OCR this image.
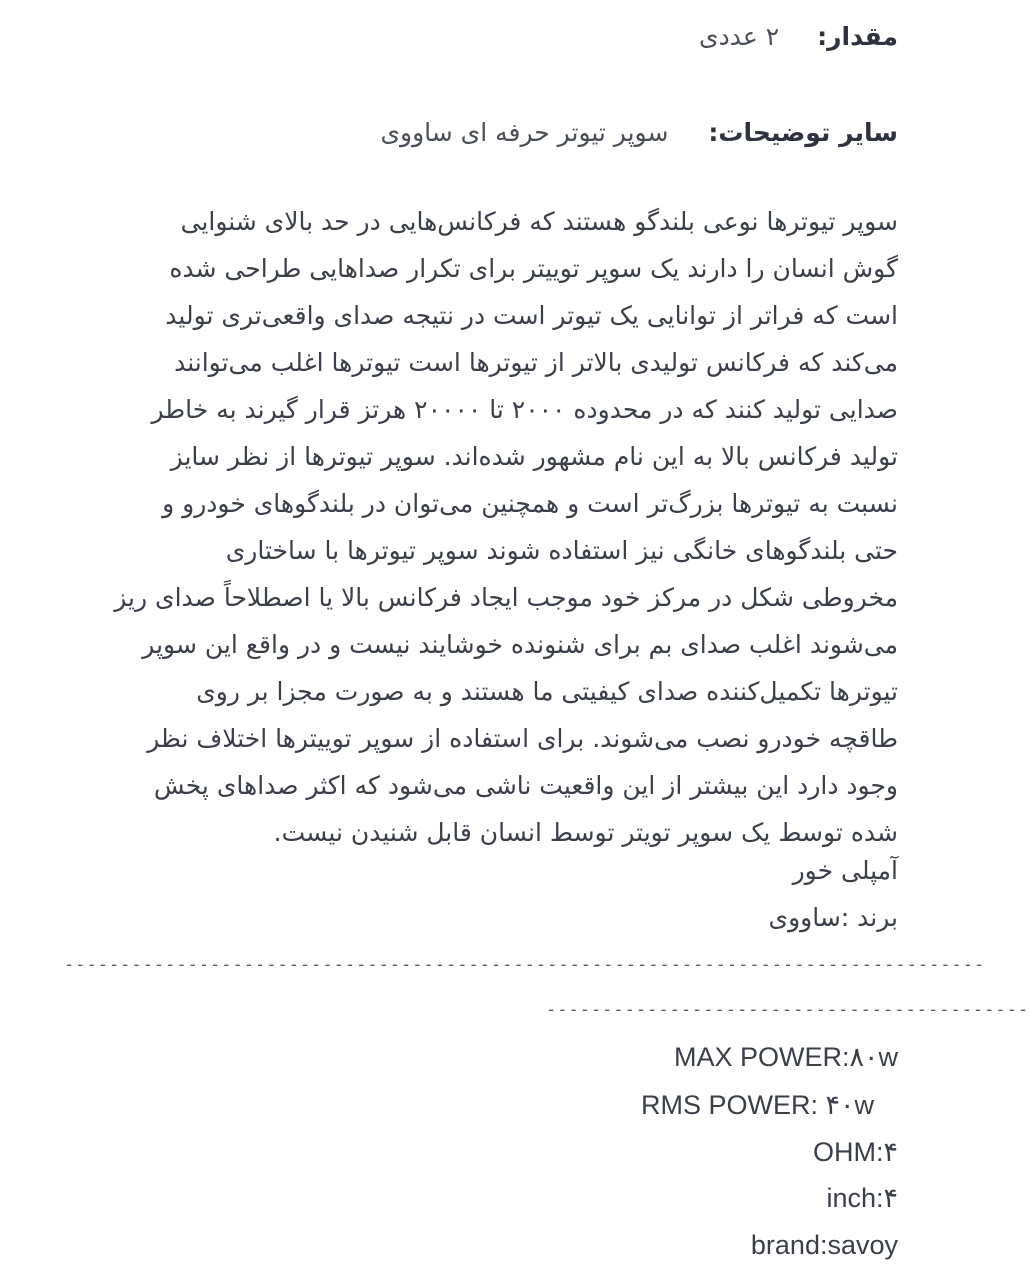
مقدار:
۲ عددی
سایر توضیحات:
سوپر تیوتر حرفه ای ساووی
سوپر تیوترها نوعی بلندگو هستند که فرکانس‌هایی در حد بالای شنوایی
گوش انسان را دارند یک سوپر توییتر برای تکرار صداهایی طراحی شده
است که فراتر از توانایی یک تیوتر است در نتیجه صدای واقعی‌تری تولید
می‌کند که فرکانس تولیدی بالاتر از تیوترها است تیوترها اغلب می‌توانند
صدایی تولید کنند که در محدوده ۲۰۰۰ تا ۲۰۰۰۰ هرتز قرار گیرند به خاطر
تولید فرکانس بالا به این نام مشهور شده‌اند. سوپر تیوترها از نظر سایز
نسبت به تیوترها بزرگ‌تر است و همچنین می‌توان در بلندگوهای خودرو و
حتی بلندگوهای خانگی نیز استفاده شوند سوپر تیوترها با ساختاری
مخروطی شکل در مرکز خود موجب ایجاد فرکانس بالا یا اصطلاحاً صدای ریز
می‌شوند اغلب صدای بم برای شنونده خوشایند نیست و در واقع این سوپر
تیوترها تکمیل‌کننده صدای کیفیتی ما هستند و به صورت مجزا بر روی
طاقچه خودرو نصب می‌شوند. برای استفاده از سوپر توییترها اختلاف نظر
وجود دارد این بیشتر از این واقعیت ناشی می‌شود که اکثر صداهای پخش
شده توسط یک سوپر تویتر توسط انسان قابل شنیدن نیست.
آمپلی خور
برند :ساووی
----------------------------------------------------------------------------------
-------------------------------------------
MAX POWER:۸۰w
RMS POWER: ۴۰w
OHM:۴
inch:۴
brand:savoy
